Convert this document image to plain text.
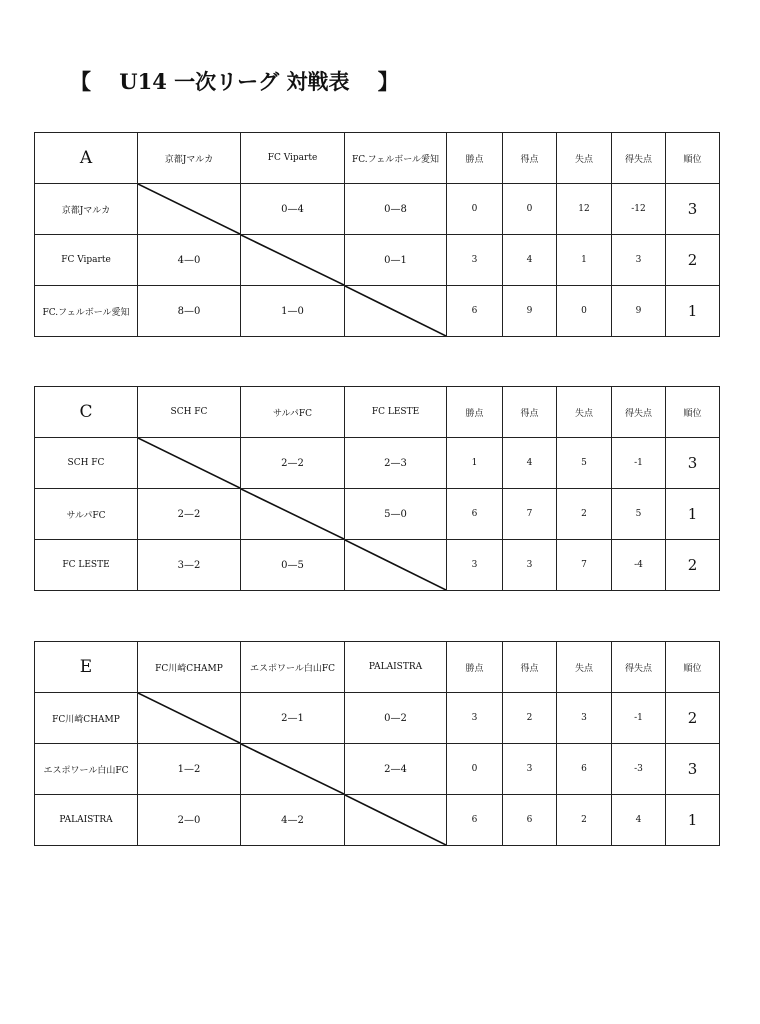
【　 U14 一次リーグ 対戦表 　】
A	京都Jマルカ	FC Viparte	FC.フェルボール愛知	勝点	得点	失点	得失点	順位
京都Jマルカ		0—4	0—8	0	0	12	-12	3
FC Viparte	4—0		0—1	3	4	1	3	2
FC.フェルボール愛知	8—0	1—0		6	9	0	9	1
C	SCH FC	サルパFC	FC LESTE	勝点	得点	失点	得失点	順位
SCH FC		2—2	2—3	1	4	5	-1	3
サルパFC	2—2		5—0	6	7	2	5	1
FC LESTE	3—2	0—5		3	3	7	-4	2
E	FC川崎CHAMP	エスポワール白山FC	PALAISTRA	勝点	得点	失点	得失点	順位
FC川崎CHAMP		2—1	0—2	3	2	3	-1	2
エスポワール白山FC	1—2		2—4	0	3	6	-3	3
PALAISTRA	2—0	4—2		6	6	2	4	1
